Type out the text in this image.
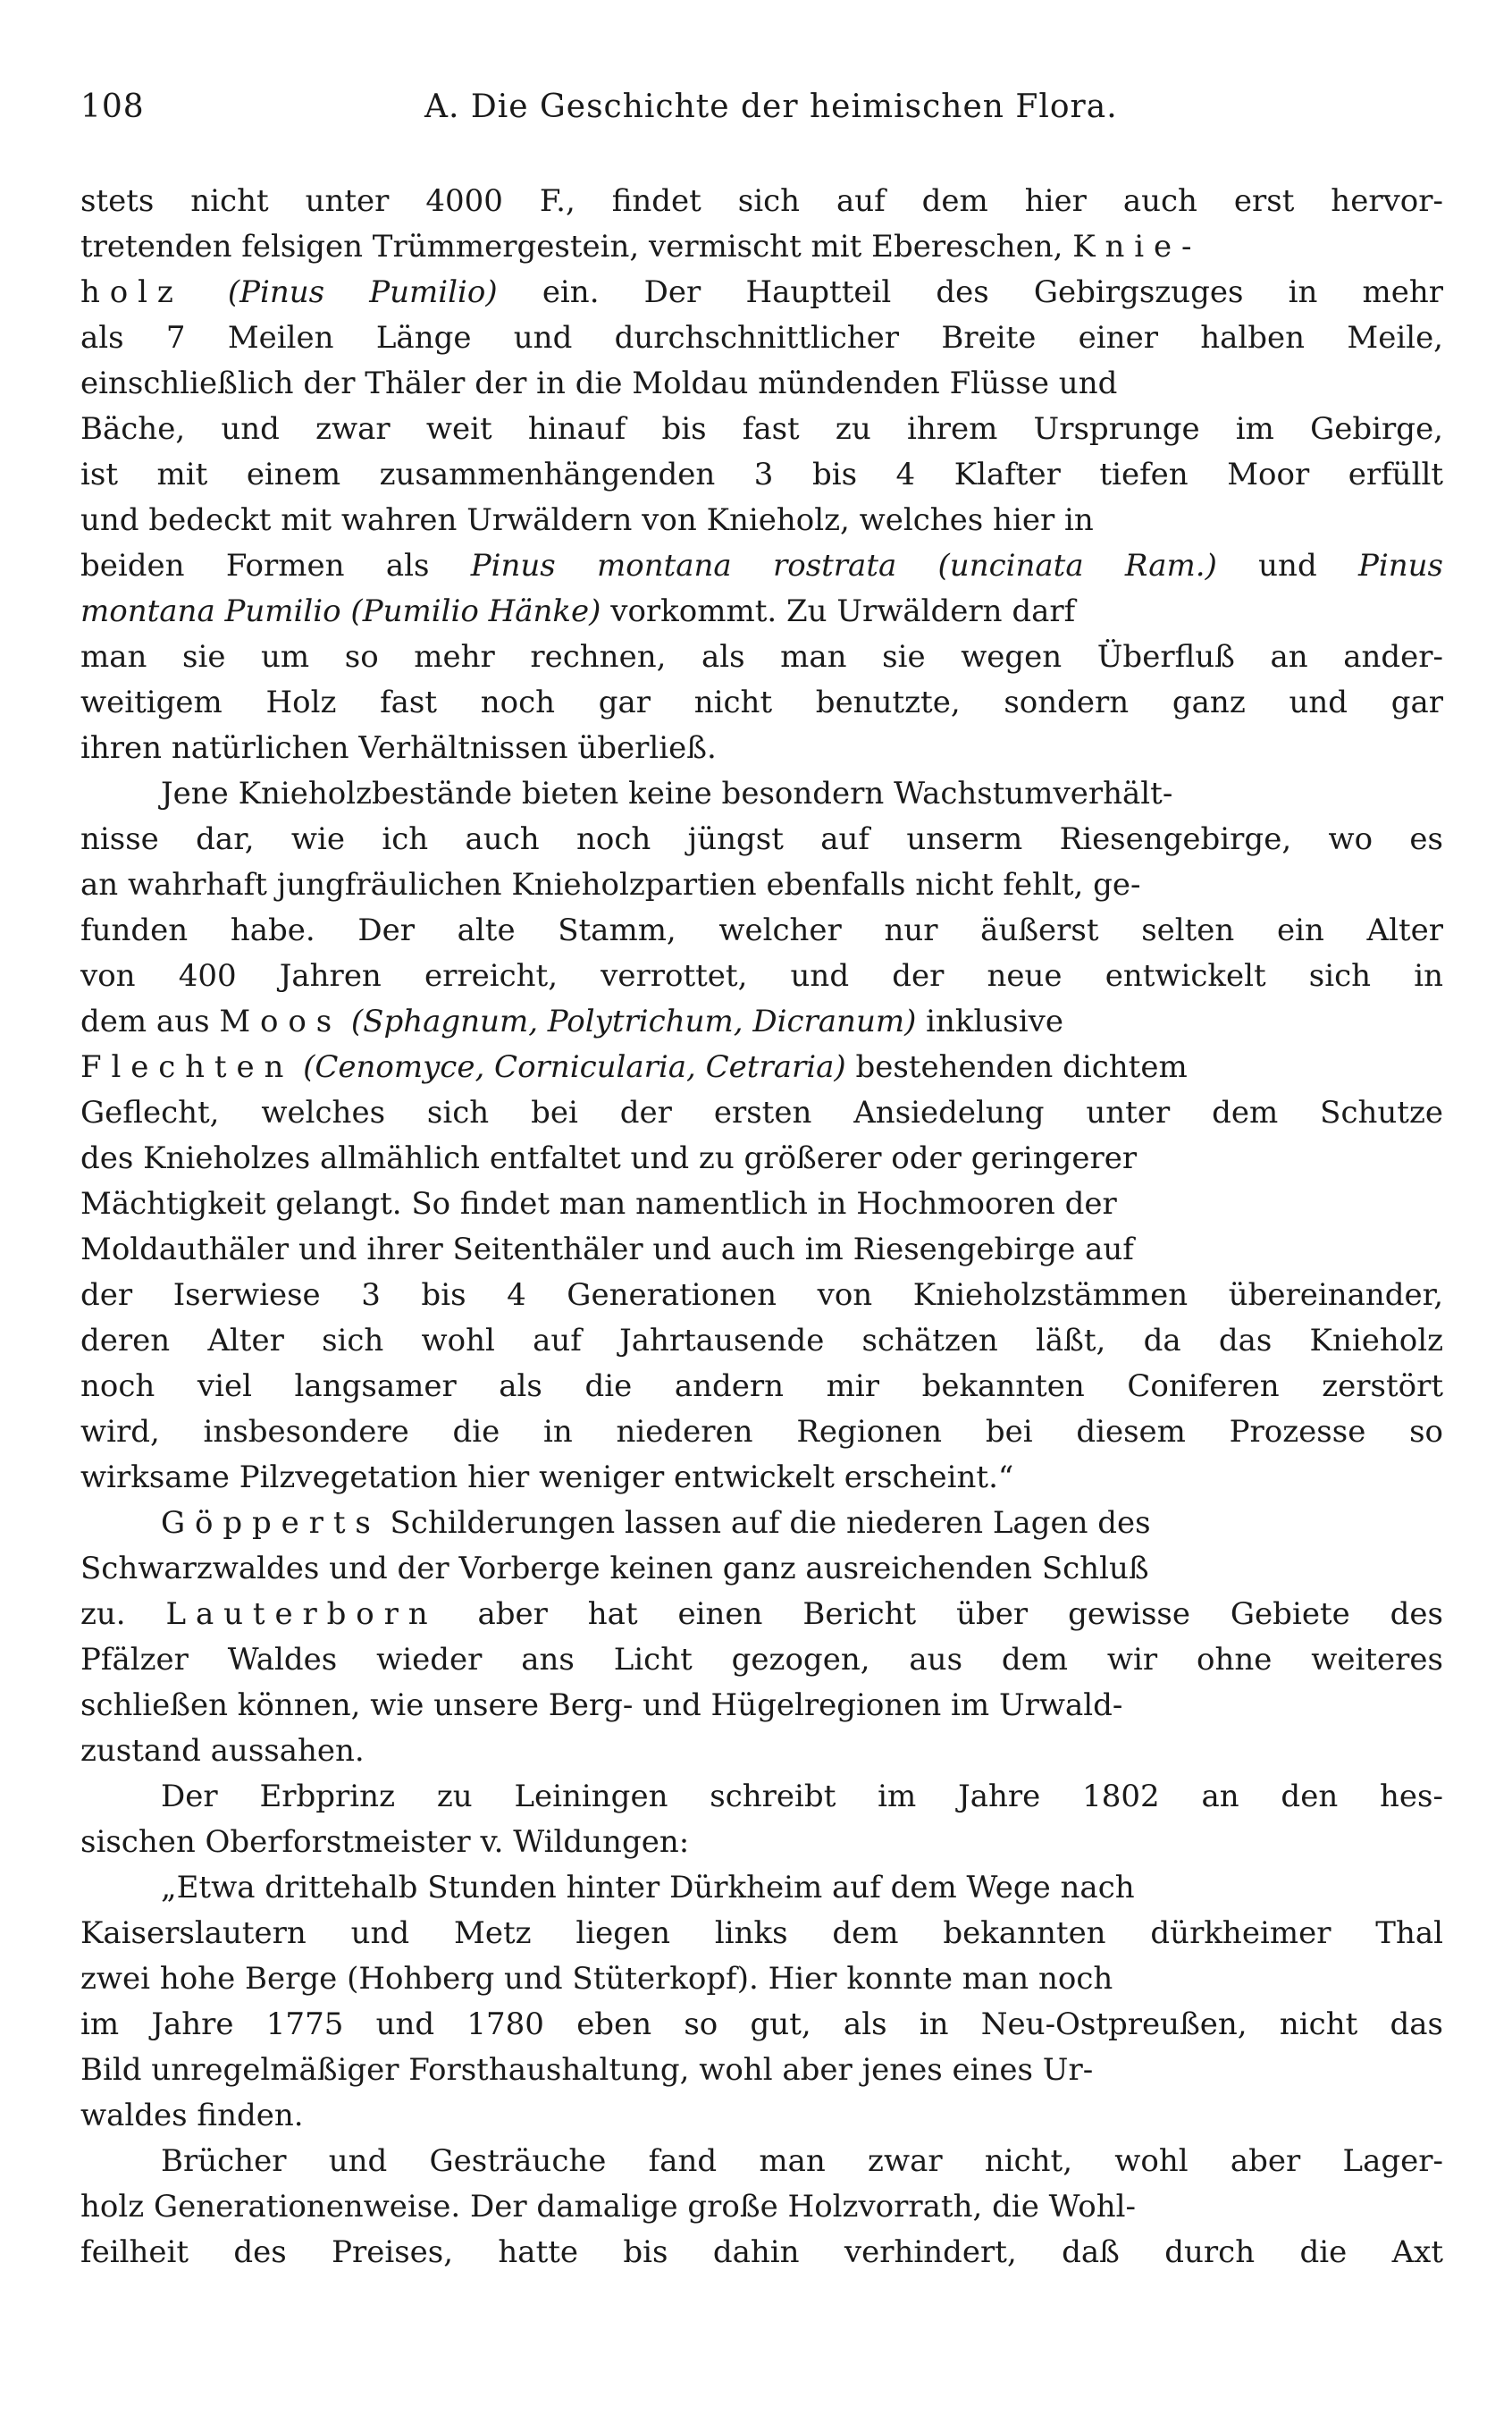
108	A. Die Geschichte der heimischen Flora.
stets nicht unter 4000 F., findet sich auf dem hier auch erst hervor-
tretenden felsigen Trümmergestein, vermischt mit Ebereschen, Knie-
holz (Pinus Pumilio) ein. Der Hauptteil des Gebirgszuges in mehr
als 7 Meilen Länge und durchschnittlicher Breite einer halben Meile,
einschließlich der Thäler der in die Moldau mündenden Flüsse und
Bäche, und zwar weit hinauf bis fast zu ihrem Ursprunge im Gebirge,
ist mit einem zusammenhängenden 3 bis 4 Klafter tiefen Moor erfüllt
und bedeckt mit wahren Urwäldern von Knieholz, welches hier in
beiden Formen als Pinus montana rostrata (uncinata Ram.) und Pinus
montana Pumilio (Pumilio Hänke) vorkommt. Zu Urwäldern darf
man sie um so mehr rechnen, als man sie wegen Überfluß an ander-
weitigem Holz fast noch gar nicht benutzte, sondern ganz und gar
ihren natürlichen Verhältnissen überließ.
Jene Knieholzbestände bieten keine besondern Wachstumverhält-
nisse dar, wie ich auch noch jüngst auf unserm Riesengebirge, wo es
an wahrhaft jungfräulichen Knieholzpartien ebenfalls nicht fehlt, ge-
funden habe. Der alte Stamm, welcher nur äußerst selten ein Alter
von 400 Jahren erreicht, verrottet, und der neue entwickelt sich in
dem aus Moos (Sphagnum, Polytrichum, Dicranum) inklusive
Flechten (Cenomyce, Cornicularia, Cetraria) bestehenden dichtem
Geflecht, welches sich bei der ersten Ansiedelung unter dem Schutze
des Knieholzes allmählich entfaltet und zu größerer oder geringerer
Mächtigkeit gelangt. So findet man namentlich in Hochmooren der
Moldauthäler und ihrer Seitenthäler und auch im Riesengebirge auf
der Iserwiese 3 bis 4 Generationen von Knieholzstämmen übereinander,
deren Alter sich wohl auf Jahrtausende schätzen läßt, da das Knieholz
noch viel langsamer als die andern mir bekannten Coniferen zerstört
wird, insbesondere die in niederen Regionen bei diesem Prozesse so
wirksame Pilzvegetation hier weniger entwickelt erscheint.“
Göpperts Schilderungen lassen auf die niederen Lagen des
Schwarzwaldes und der Vorberge keinen ganz ausreichenden Schluß
zu. Lauterborn aber hat einen Bericht über gewisse Gebiete des
Pfälzer Waldes wieder ans Licht gezogen, aus dem wir ohne weiteres
schließen können, wie unsere Berg- und Hügelregionen im Urwald-
zustand aussahen.
Der Erbprinz zu Leiningen schreibt im Jahre 1802 an den hes-
sischen Oberforstmeister v. Wildungen:
„Etwa drittehalb Stunden hinter Dürkheim auf dem Wege nach
Kaiserslautern und Metz liegen links dem bekannten dürkheimer Thal
zwei hohe Berge (Hohberg und Stüterkopf). Hier konnte man noch
im Jahre 1775 und 1780 eben so gut, als in Neu-Ostpreußen, nicht das
Bild unregelmäßiger Forsthaushaltung, wohl aber jenes eines Ur-
waldes finden.
Brücher und Gesträuche fand man zwar nicht, wohl aber Lager-
holz Generationenweise. Der damalige große Holzvorrath, die Wohl-
feilheit des Preises, hatte bis dahin verhindert, daß durch die Axt
